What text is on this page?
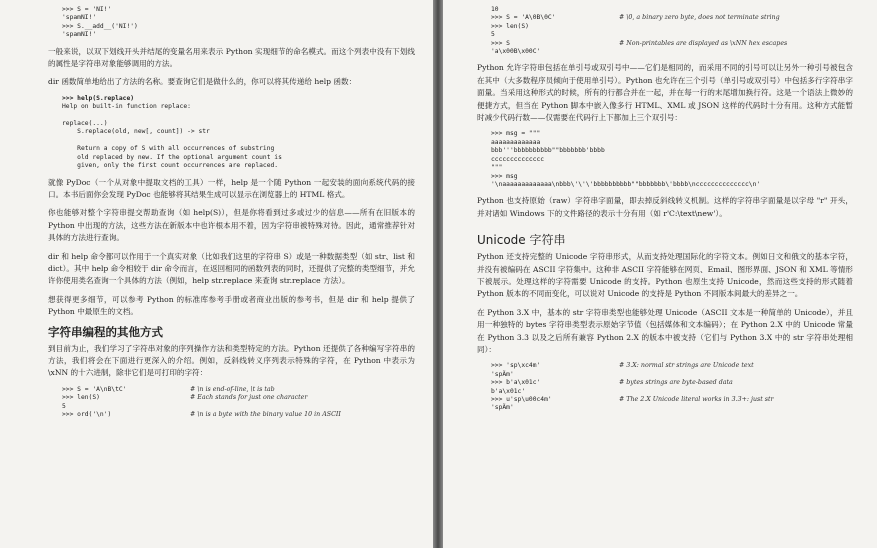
>>> S = 'NI!'
'spamNI!'
>>> S.__add__('NI!')
'spamNI!'

一般来说，以双下划线开头并结尾的变量名用来表示 Python 实现细节的命名模式。而这个列表中没有下划线的属性是字符串对象能够调用的方法。

dir 函数简单地给出了方法的名称。要查询它们是做什么的，你可以将其传递给 help 函数：

>>> help(S.replace)
Help on built-in function replace:

replace(...)
S.replace(old, new[, count]) -> str

Return a copy of S with all occurrences of substring
old replaced by new. If the optional argument count is
given, only the first count occurrences are replaced.

就像 PyDoc（一个从对象中提取文档的工具）一样，help 是一个随 Python 一起安装的面向系统代码的接口。本书后面你会发现 PyDoc 也能够将其结果生成可以显示在浏览器上的 HTML 格式。

你也能够对整个字符串提交帮助查询（如 help(S)），但是你将看到过多或过少的信息——所有在旧版本的 Python 中出现的方法，这些方法在新版本中也许根本用不着，因为字符串被特殊对待。因此，通常推荐针对具体的方法进行查询。

dir 和 help 命令都可以作用于一个真实对象（比如我们这里的字符串 S）或是一种数据类型（如 str、list 和 dict）。其中 help 命令相较于 dir 命令而言，在返回相同的函数列表的同时，还提供了完整的类型细节，并允许你使用类名查询一个具体的方法（例如，help str.replace 来查询 str.replace 方法）。

想获得更多细节，可以参考 Python 的标准库参考手册或者商业出版的参考书，但是 dir 和 help 提供了 Python 中最原生的文档。

字符串编程的其他方式

到目前为止，我们学习了字符串对象的序列操作方法和类型特定的方法。Python 还提供了各种编写字符串的方法，我们将会在下面进行更深入的介绍。例如，反斜线转义序列表示特殊的字符，在 Python 中表示为 \xNN 的十六进制，除非它们是可打印的字符：

>>> S = 'A\nB\tC'	# \n is end-of-line, \t is tab
>>> len(S)	# Each stands for just one character
5
>>> ord('\n')	# \n is a byte with the binary value 10 in ASCII
10
>>> S = 'A\0B\0C'	# \0, a binary zero byte, does not terminate string
>>> len(S)
5
>>> S	# Non-printables are displayed as \xNN hex escapes
'a\x00B\x00C'

Python 允许字符串包括在单引号或双引号中——它们是相同的，而采用不同的引号可以让另外一种引号被包含在其中（大多数程序员倾向于使用单引号）。Python 也允许在三个引号（单引号或双引号）中包括多行字符串字面量。当采用这种形式的时候，所有的行都合并在一起，并在每一行的末尾增加换行符。这是一个语法上微妙的便捷方式，但当在 Python 脚本中嵌入像多行 HTML、XML 或 JSON 这样的代码时十分有用。这种方式能暂时减少代码行数——仅需要在代码行上下都加上三个双引号：

>>> msg = """
aaaaaaaaaaaaa
bbb'''bbbbbbbbbb""bbbbbbb'bbbb
cccccccccccccc
"""
>>> msg
'\naaaaaaaaaaaaa\nbbb\'\'\'bbbbbbbbbb""bbbbbbb\'bbbb\ncccccccccccccc\n'

Python 也支持原始（raw）字符串字面量，即去掉反斜线转义机制。这样的字符串字面量是以字母 "r" 开头，并对诸如 Windows 下的文件路径的表示十分有用（如 r'C:\text\new'）。

Unicode 字符串

Python 还支持完整的 Unicode 字符串形式，从而支持处理国际化的字符文本。例如日文和俄文的基本字符，并没有被编码在 ASCII 字符集中。这种非 ASCII 字符能够在网页、Email、图形界面、JSON 和 XML 等情形下被展示。处理这样的字符需要 Unicode 的支持。Python 也原生支持 Unicode，然而这些支持的形式随着 Python 版本的不同而变化，可以说对 Unicode 的支持是 Python 不同版本间最大的差异之一。

在 Python 3.X 中，基本的 str 字符串类型也能够处理 Unicode（ASCII 文本是一种简单的 Unicode），并且用一种独特的 bytes 字符串类型表示原始字节值（包括媒体和文本编码）；在 Python 2.X 中的 Unicode 常量在 Python 3.3 以及之后所有兼容 Python 2.X 的版本中被支持（它们与 Python 3.X 中的 str 字符串处理相同）：

>>> 'sp\xc4m'	# 3.X: normal str strings are Unicode text
'spÄm'
>>> b'a\x01c'	# bytes strings are byte-based data
b'a\x01c'
>>> u'sp\u00c4m'	# The 2.X Unicode literal works in 3.3+: just str
'spÄm'
